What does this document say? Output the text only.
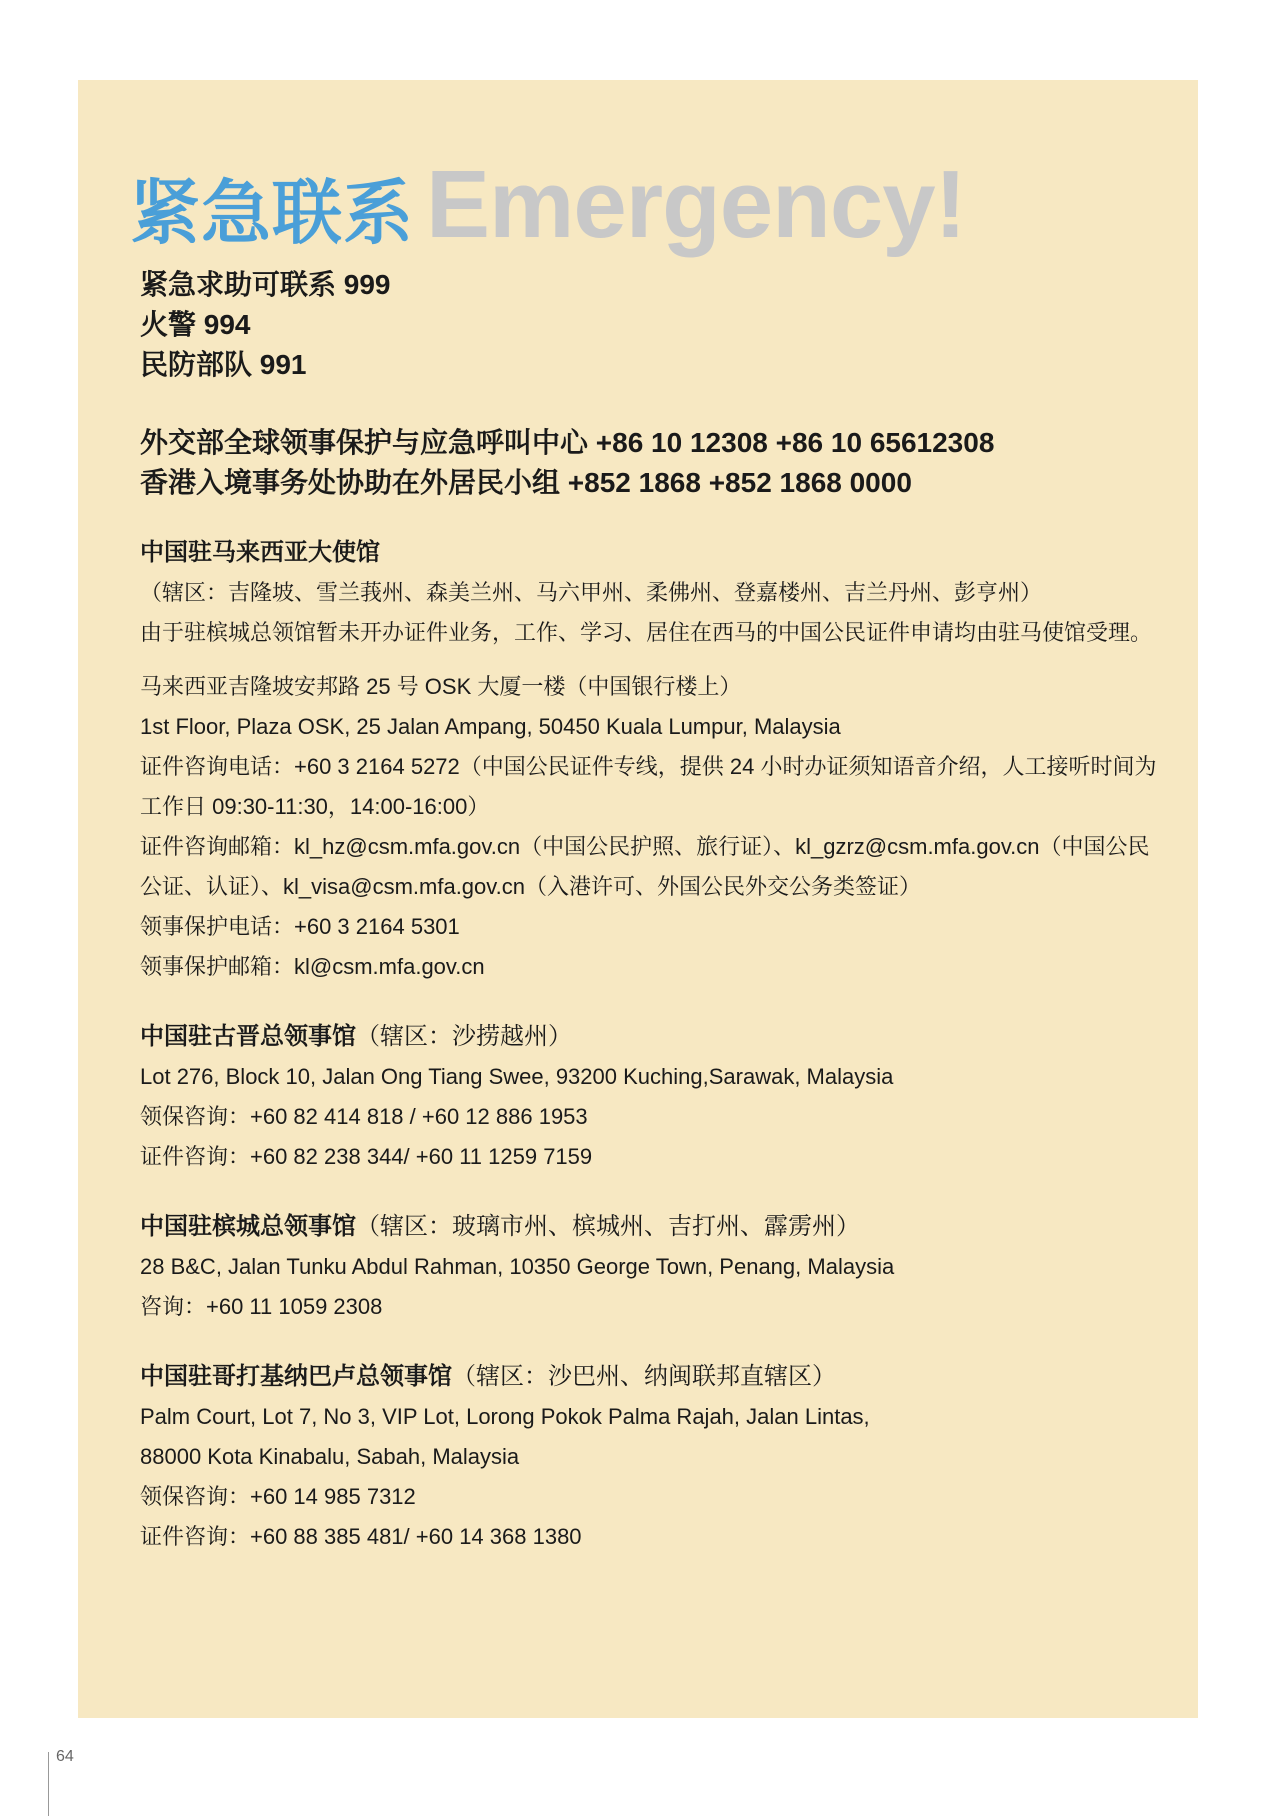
紧急联系 Emergency!
紧急求助可联系 999
火警 994
民防部队 991
外交部全球领事保护与应急呼叫中心 +86 10 12308 +86 10 65612308
香港入境事务处协助在外居民小组 +852 1868 +852 1868 0000
中国驻马来西亚大使馆
（辖区：吉隆坡、雪兰莪州、森美兰州、马六甲州、柔佛州、登嘉楼州、吉兰丹州、彭亨州）
由于驻槟城总领馆暂未开办证件业务，工作、学习、居住在西马的中国公民证件申请均由驻马使馆受理。
马来西亚吉隆坡安邦路 25 号 OSK 大厦一楼（中国银行楼上）
1st Floor, Plaza OSK, 25 Jalan Ampang, 50450 Kuala Lumpur, Malaysia
证件咨询电话：+60 3 2164 5272（中国公民证件专线，提供 24 小时办证须知语音介绍，人工接听时间为工作日 09:30-11:30，14:00-16:00）
证件咨询邮箱：kl_hz@csm.mfa.gov.cn（中国公民护照、旅行证）、kl_gzrz@csm.mfa.gov.cn（中国公民公证、认证）、kl_visa@csm.mfa.gov.cn（入港许可、外国公民外交公务类签证）
领事保护电话：+60 3 2164 5301
领事保护邮箱：kl@csm.mfa.gov.cn
中国驻古晋总领事馆（辖区：沙捞越州）
Lot 276, Block 10, Jalan Ong Tiang Swee, 93200 Kuching,Sarawak, Malaysia
领保咨询：+60 82 414 818 / +60 12 886 1953
证件咨询：+60 82 238 344/ +60 11 1259 7159
中国驻槟城总领事馆（辖区：玻璃市州、槟城州、吉打州、霹雳州）
28 B&C, Jalan Tunku Abdul Rahman, 10350 George Town, Penang, Malaysia
咨询：+60 11 1059 2308
中国驻哥打基纳巴卢总领事馆（辖区：沙巴州、纳闽联邦直辖区）
Palm Court, Lot 7, No 3, VIP Lot, Lorong Pokok Palma Rajah, Jalan Lintas,
88000 Kota Kinabalu, Sabah, Malaysia
领保咨询：+60 14 985 7312
证件咨询：+60 88 385 481/ +60 14 368 1380
64
